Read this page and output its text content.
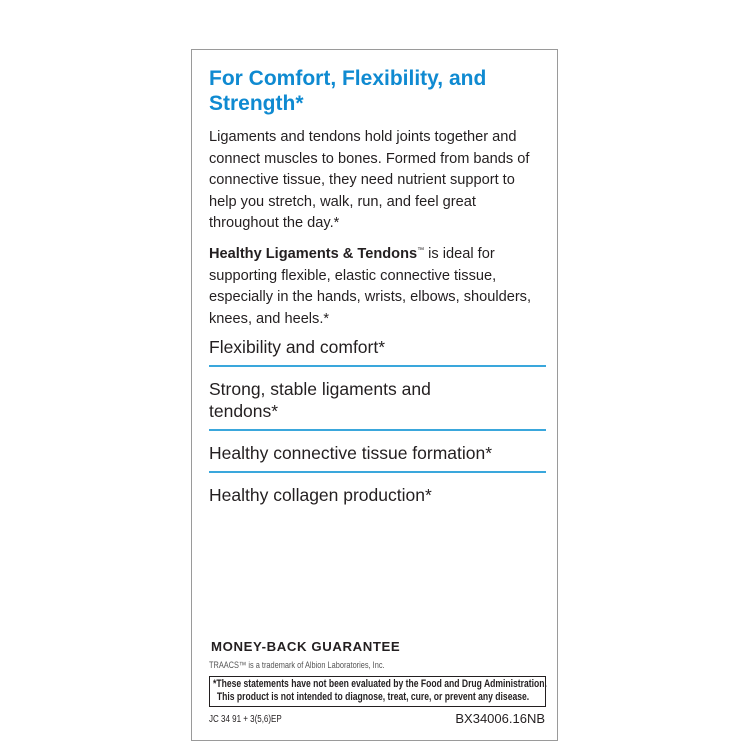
For Comfort, Flexibility, and Strength*

Ligaments and tendons hold joints together and connect muscles to bones. Formed from bands of connective tissue, they need nutrient support to help you stretch, walk, run, and feel great throughout the day.*

Healthy Ligaments & Tendons™ is ideal for supporting flexible, elastic connective tissue, especially in the hands, wrists, elbows, shoulders, knees, and heels.*

Flexibility and comfort*
Strong, stable ligaments and tendons*
Healthy connective tissue formation*
Healthy collagen production*
MONEY-BACK GUARANTEE
TRAACS™ is a trademark of Albion Laboratories, Inc.
*These statements have not been evaluated by the Food and Drug Administration.
This product is not intended to diagnose, treat, cure, or prevent any disease.
JC 34 91 + 3(5,6)EP	BX34006.16NB
